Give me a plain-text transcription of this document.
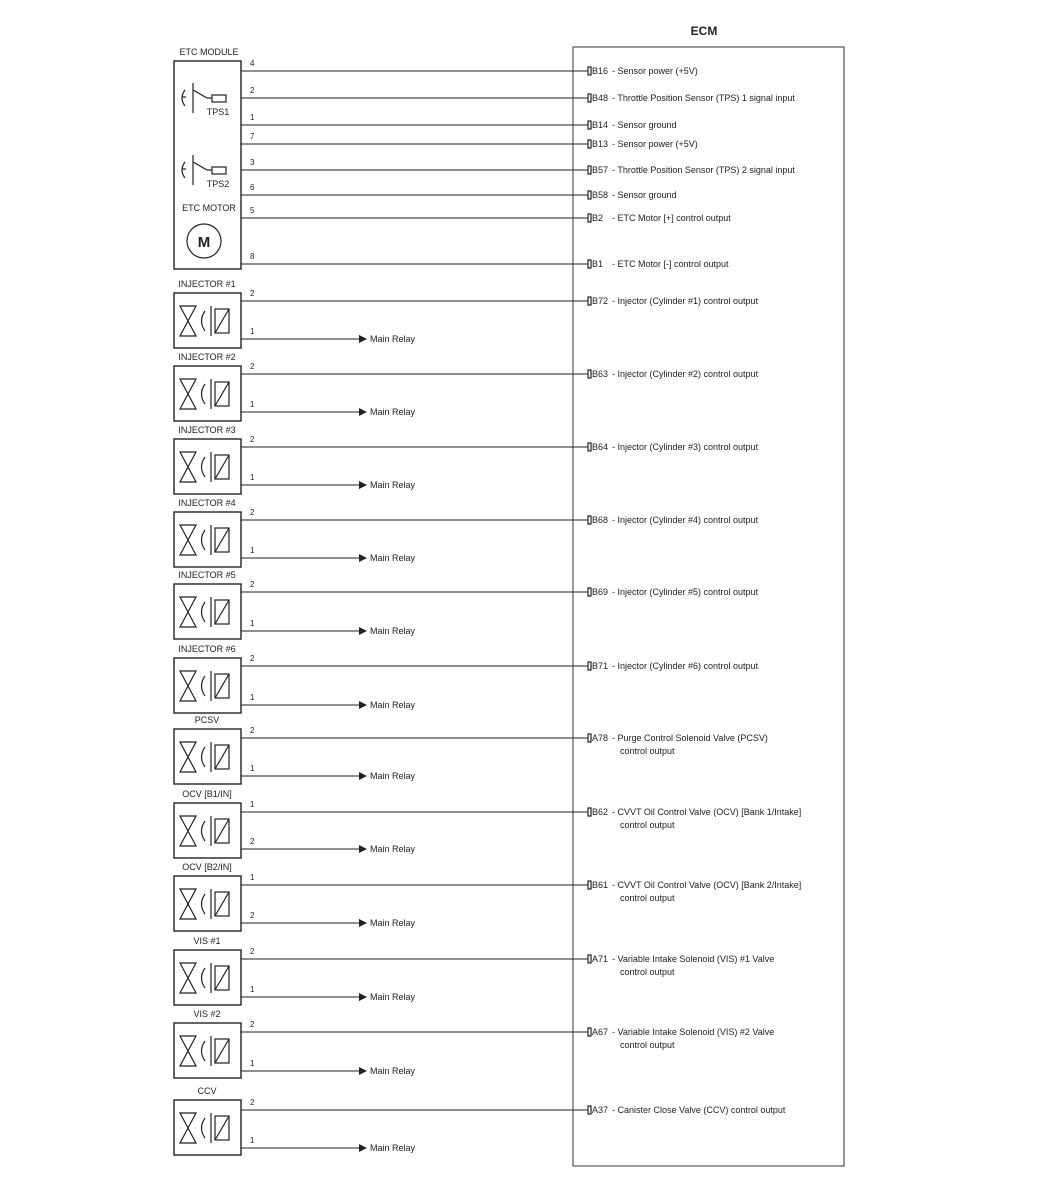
ECM
ETC MODULE
ETC MOTOR
TPS1
TPS2
M
4
B16 - Sensor power (+5V)
2
B48 - Throttle Position Sensor (TPS) 1 signal input
1
B14 - Sensor ground
7
B13 - Sensor power (+5V)
3
B57 - Throttle Position Sensor (TPS) 2 signal input
6
B58 - Sensor ground
5
B2 - ETC Motor [+] control output
8
B1 - ETC Motor [-] control output
INJECTOR #1
2
B72 - Injector (Cylinder #1) control output
1
Main Relay
INJECTOR #2
2
B63 - Injector (Cylinder #2) control output
1
Main Relay
INJECTOR #3
2
B64 - Injector (Cylinder #3) control output
1
Main Relay
INJECTOR #4
2
B68 - Injector (Cylinder #4) control output
1
Main Relay
INJECTOR #5
2
B69 - Injector (Cylinder #5) control output
1
Main Relay
INJECTOR #6
2
B71 - Injector (Cylinder #6) control output
1
Main Relay
PCSV
2
A78 - Purge Control Solenoid Valve (PCSV)
control output
1
Main Relay
OCV [B1/IN]
1
B62 - CVVT Oil Control Valve (OCV) [Bank 1/Intake]
control output
2
Main Relay
OCV [B2/IN]
1
B61 - CVVT Oil Control Valve (OCV) [Bank 2/Intake]
control output
2
Main Relay
VIS #1
2
A71 - Variable Intake Solenoid (VIS) #1 Valve
control output
1
Main Relay
VIS #2
2
A67 - Variable Intake Solenoid (VIS) #2 Valve
control output
1
Main Relay
CCV
2
A37 - Canister Close Valve (CCV) control output
1
Main Relay
